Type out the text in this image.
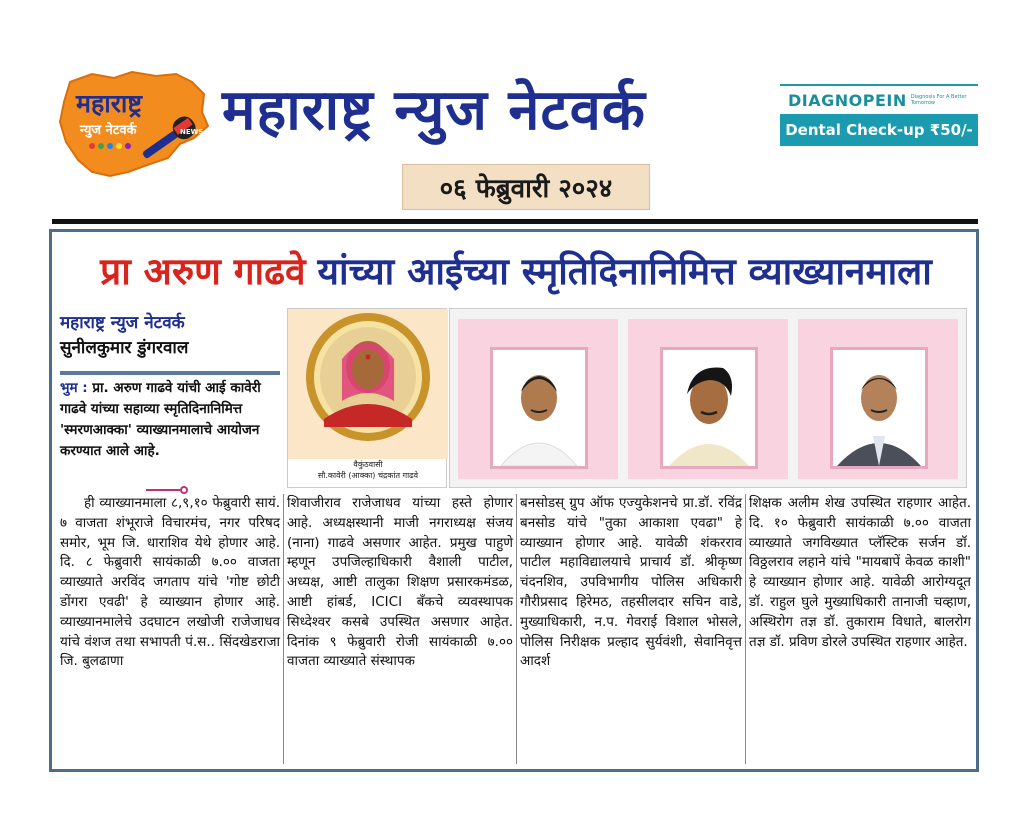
महाराष्ट्र
न्युज नेटवर्क	NEWS महाराष्ट्र न्युज नेटवर्क
०६ फेब्रुवारी २०२४
DIAGNOPEIN Diagnosis For A Better Tomorrow
Dental Check-up ₹50/-
प्रा अरुण गाढवे यांच्या आईच्या स्मृतिदिनानिमित्त व्याख्यानमाला
महाराष्ट्र न्युज नेटवर्क
सुनीलकुमार डुंगरवाल
भुम : प्रा. अरुण गाढवे यांची आई कावेरी गाढवे यांच्या सहाव्या स्मृतिदिनानिमित्त 'स्मरणआक्का' व्याख्यानमालाचे आयोजन करण्यात आले आहे.
वैकुंठवासी
सौ.कावेरी (आक्का) चंद्रकांत गाढवे

ही व्याख्यानमाला ८,९,१० फेब्रुवारी सायं. ७ वाजता शंभूराजे विचारमंच, नगर परिषद समोर, भूम जि. धाराशिव येथे होणार आहे. दि. ८ फेब्रुवारी सायंकाळी ७.०० वाजता व्याख्याते अरविंद जगताप यांचे 'गोष्ट छोटी डोंगरा एवढी' हे व्याख्यान होणार आहे. व्याख्यानमालेचे उदघाटन लखोजी राजेजाधव यांचे वंशज तथा सभापती पं.स.. सिंदखेडराजा जि. बुलढाणा

शिवाजीराव राजेजाधव यांच्या हस्ते होणार आहे. अध्यक्षस्थानी माजी नगराध्यक्ष संजय (नाना) गाढवे असणार आहेत. प्रमुख पाहुणे म्हणून उपजिल्हाधिकारी वैशाली पाटील, अध्यक्ष, आष्टी तालुका शिक्षण प्रसारकमंडळ, आष्टी हांबर्ड, ICICI बँकचे व्यवस्थापक सिध्देश्वर कसबे उपस्थित असणार आहेत. दिनांक ९ फेब्रुवारी रोजी सायंकाळी ७.०० वाजता व्याख्याते संस्थापक

बनसोडस् ग्रुप ऑफ एज्युकेशनचे प्रा.डॉ. रविंद्र बनसोड यांचे "तुका आकाशा एवढा" हे व्याख्यान होणार आहे. यावेळी शंकरराव पाटील महाविद्यालयाचे प्राचार्य डॉ. श्रीकृष्ण चंदनशिव, उपविभागीय पोलिस अधिकारी गौरीप्रसाद हिरेमठ, तहसीलदार सचिन वाडे, मुख्याधिकारी, न.प. गेवराई विशाल भोसले, पोलिस निरीक्षक प्रल्हाद सुर्यवंशी, सेवानिवृत्त आदर्श

शिक्षक अलीम शेख उपस्थित राहणार आहेत. दि. १० फेब्रुवारी सायंकाळी ७.०० वाजता व्याख्याते जगविख्यात प्लॅस्टिक सर्जन डॉ. विठ्ठलराव लहाने यांचे "मायबापें केवळ काशी" हे व्याख्यान होणार आहे. यावेळी आरोग्यदूत डॉ. राहुल घुले मुख्याधिकारी तानाजी चव्हाण, अस्थिरोग तज्ञ डॉ. तुकाराम विधाते, बालरोग तज्ञ डॉ. प्रविण डोरले उपस्थित राहणार आहेत.
